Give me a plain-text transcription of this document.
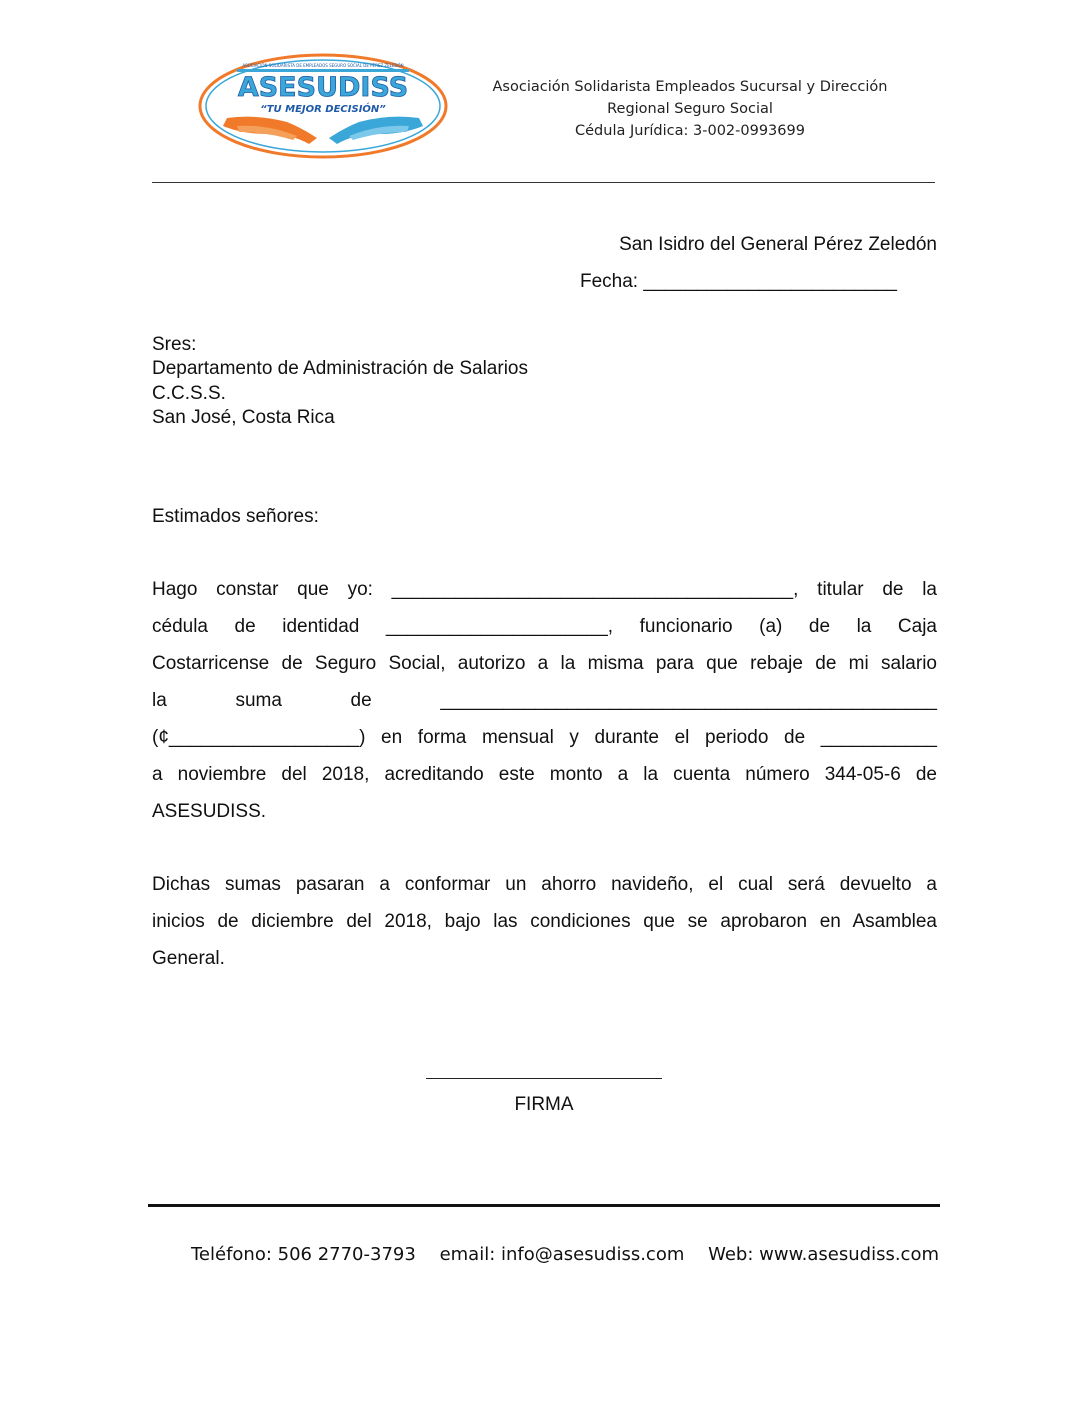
ASOCIACIÓN SOLIDARISTA DE EMPLEADOS SEGURO SOCIAL DE PÉREZ ZELEDÓN
ASESUDISS
“TU MEJOR DECISIÓN”
Asociación Solidarista Empleados Sucursal y Dirección
Regional Seguro Social
Cédula Jurídica: 3-002-0993699
San Isidro del General Pérez Zeledón
Fecha: ________________________
Sres:
Departamento de Administración de Salarios
C.C.S.S.
San José, Costa Rica
Estimados señores:
Hago constar que yo: ______________________________________, titular de la
cédula de identidad _____________________, funcionario (a) de la Caja
Costarricense de Seguro Social, autorizo a la misma para que rebaje de mi salario
la suma de _______________________________________________
(¢__________________) en forma mensual y durante el periodo de ___________
a noviembre del 2018, acreditando este monto a la cuenta número 344-05-6 de
ASESUDISS.
Dichas sumas pasaran a conformar un ahorro navideño, el cual será devuelto a
inicios de diciembre del 2018, bajo las condiciones que se aprobaron en Asamblea
General.
FIRMA
Teléfono: 506 2770-3793 email: info@asesudiss.com Web: www.asesudiss.com
